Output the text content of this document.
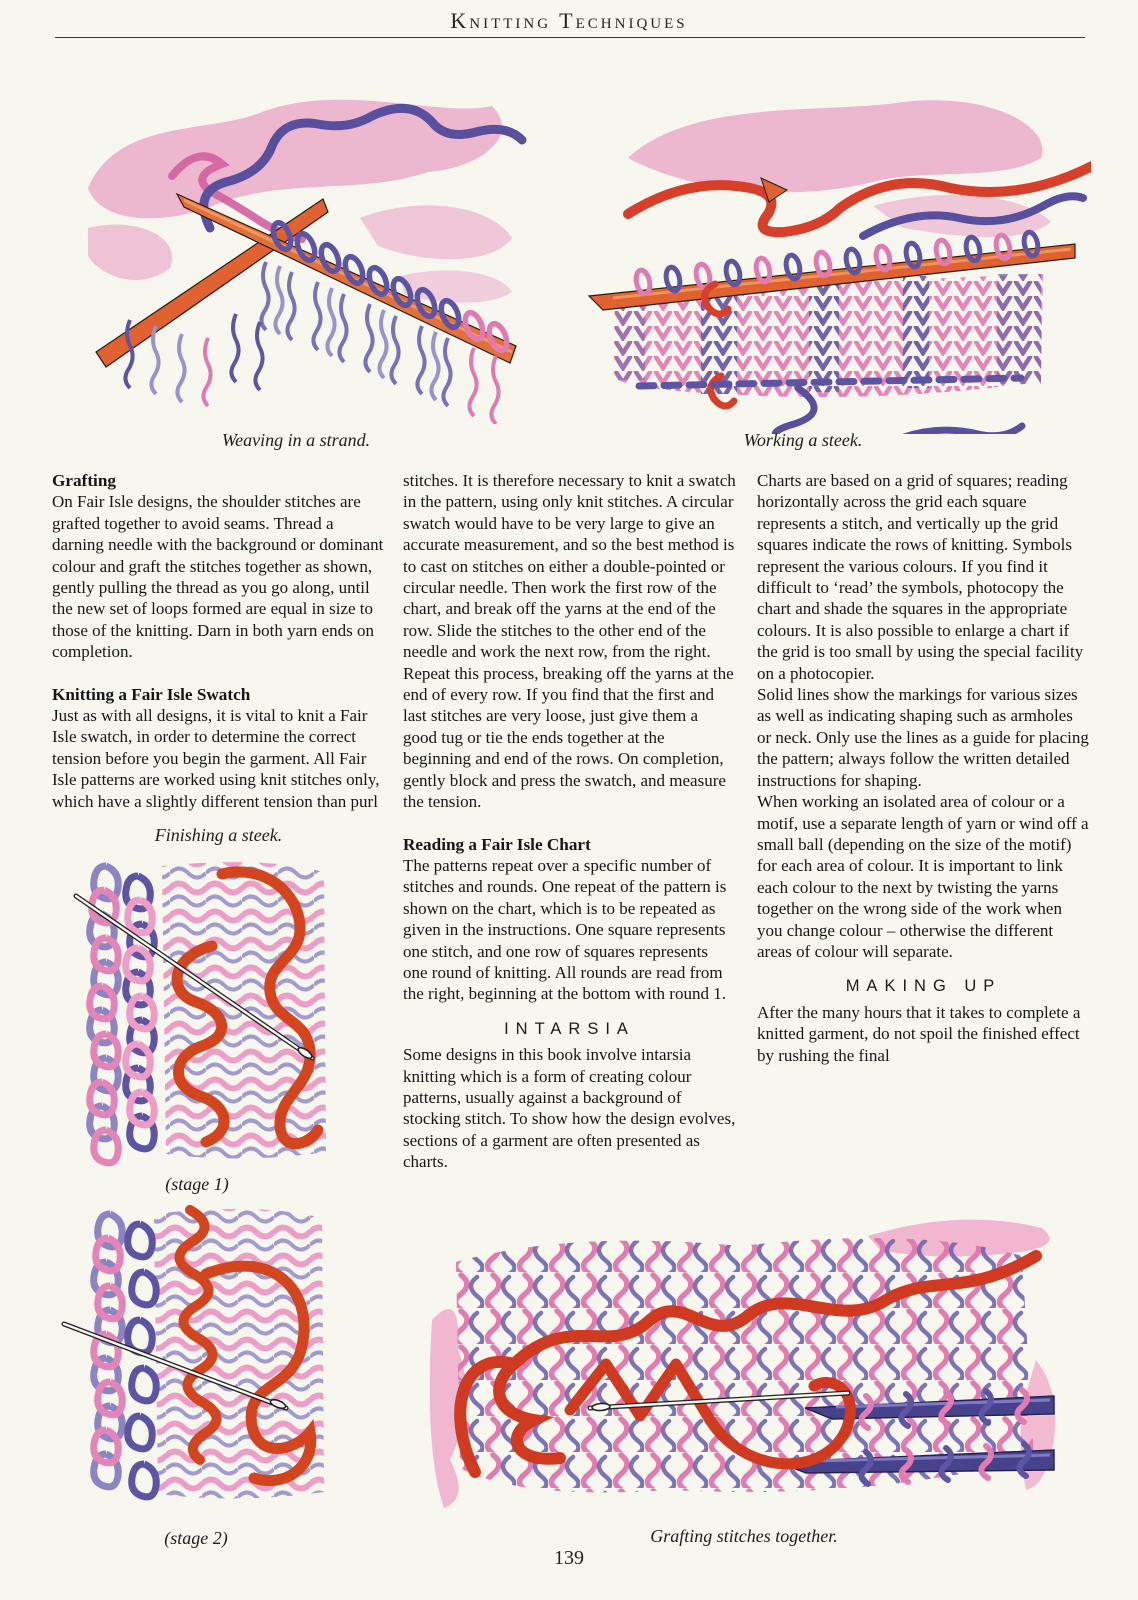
Knitting Techniques
Weaving in a strand.	Working a steek.
Grafting

On Fair Isle designs, the shoulder stitches are grafted together to avoid seams. Thread a darning needle with the background or dominant colour and graft the stitches together as shown, gently pulling the thread as you go along, until the new set of loops formed are equal in size to those of the knitting. Darn in both yarn ends on completion.

Knitting a Fair Isle Swatch

Just as with all designs, it is vital to knit a Fair Isle swatch, in order to determine the correct tension before you begin the garment. All Fair Isle patterns are worked using knit stitches only, which have a slightly different tension than purl

Finishing a steek.
(stage 1)
(stage 2)

stitches. It is therefore necessary to knit a swatch in the pattern, using only knit stitches. A circular swatch would have to be very large to give an accurate measurement, and so the best method is to cast on stitches on either a double-pointed or circular needle. Then work the first row of the chart, and break off the yarns at the end of the row. Slide the stitches to the other end of the needle and work the next row, from the right.

Repeat this process, breaking off the yarns at the end of every row. If you find that the first and last stitches are very loose, just give them a good tug or tie the ends together at the beginning and end of the rows. On completion, gently block and press the swatch, and measure the tension.

Reading a Fair Isle Chart

The patterns repeat over a specific number of stitches and rounds. One repeat of the pattern is shown on the chart, which is to be repeated as given in the instructions. One square represents one stitch, and one row of squares represents one round of knitting. All rounds are read from the right, beginning at the bottom with round 1.

INTARSIA

Some designs in this book involve intarsia knitting which is a form of creating colour patterns, usually against a background of stocking stitch. To show how the design evolves, sections of a garment are often presented as charts.

Charts are based on a grid of squares; reading horizontally across the grid each square represents a stitch, and vertically up the grid squares indicate the rows of knitting. Symbols represent the various colours. If you find it difficult to ‘read’ the symbols, photocopy the chart and shade the squares in the appropriate colours. It is also possible to enlarge a chart if the grid is too small by using the special facility on a photocopier.

Solid lines show the markings for various sizes as well as indicating shaping such as armholes or neck. Only use the lines as a guide for placing the pattern; always follow the written detailed instructions for shaping.

When working an isolated area of colour or a motif, use a separate length of yarn or wind off a small ball (depending on the size of the motif) for each area of colour. It is important to link each colour to the next by twisting the yarns together on the wrong side of the work when you change colour – otherwise the different areas of colour will separate.

MAKING UP

After the many hours that it takes to complete a knitted garment, do not spoil the finished effect by rushing the final

Grafting stitches together.
139
